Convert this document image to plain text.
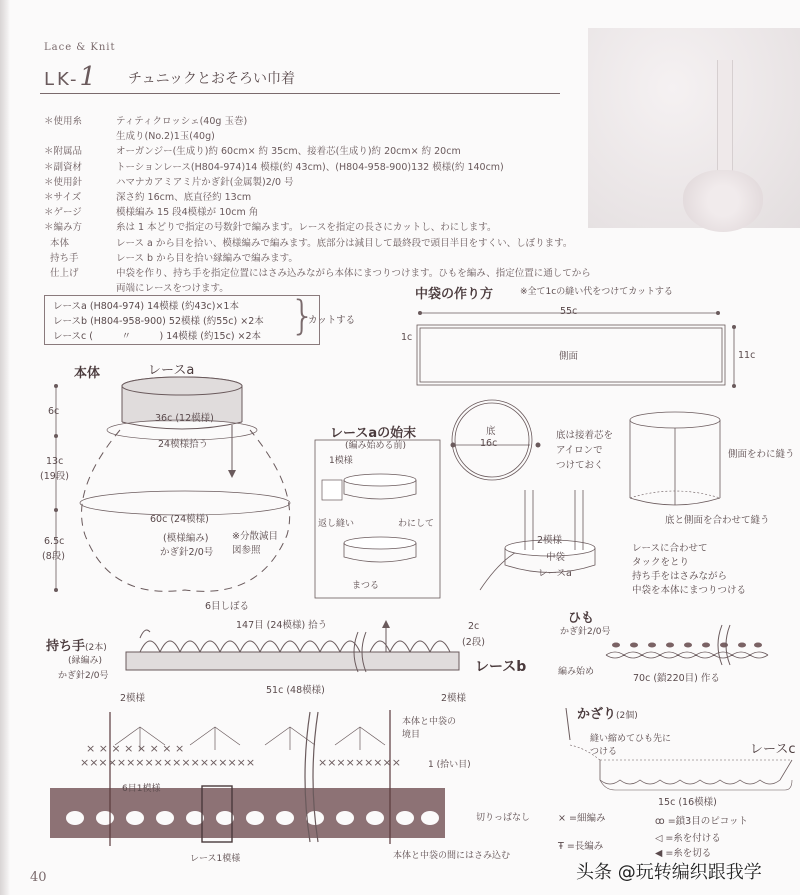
Lace & Knit
LK-1 チュニックとおそろい巾着
＊使用糸	ティティクロッシェ(40g 玉巻)
生成り(No.2)1玉(40g)
＊附属品	オーガンジー(生成り)約 60cm× 約 35cm、接着芯(生成り)約 20cm× 約 20cm
＊副資材	トーションレース(H804-974)14 模様(約 43cm)、(H804-958-900)132 模様(約 140cm)
＊使用針	ハマナカアミアミ片かぎ針(金属製)2/0 号
＊サイズ	深さ約 16cm、底直径約 13cm
＊ゲージ	模様編み 15 段4模様が 10cm 角
＊編み方	糸は 1 本どりで指定の号数針で編みます。レースを指定の長さにカットし、わにします。
本体	レース a から目を拾い、模様編みで編みます。底部分は減目して最終段で頭目半目をすくい、しぼります。
持ち手	レース b から目を拾い縁編みで編みます。
仕上げ	中袋を作り、持ち手を指定位置にはさみ込みながら本体にまつりつけます。ひもを編み、指定位置に通してから
両端にレースをつけます。
レースa (H804-974) 14模様 (約43c)×1本
レースb (H804-958-900) 52模様 (約55c) ×2本
レースc (　　　〃　　　) 14模様 (約15c) ×2本 }
カットする
中袋の作り方	※全て1cの縫い代をつけてカットする
×××××××××××××××××××	×××××××××
× × × × × × × ×
55c
1c
側面	11c
底
16c
底は接着芯を
アイロンで
つけておく
側面をわに縫う
底と側面を合わせて縫う
2模様
中袋
レースa
レースに合わせて
タックをとり
持ち手をはさみながら
中袋を本体にまつりつける
本体	レースa
36c (12模様)
24模様拾う
60c (24模様)
(模様編み)
かぎ針2/0号
※分散減目
図参照
6目しぼる
6c
13c
(19段)
6.5c
(8段)
レースaの始末
(編み始める前)
1模様
返し縫い	わにして
まつる
持ち手(2本)
(縁編み)
かぎ針2/0号
147目 (24模様) 拾う
51c (48模様)
2c
(2段)
2模様	2模様
レースb
ひも
かぎ針2/0号
編み始め
70c (鎖220目) 作る
かざり(2個)
縫い縮めてひも先に
つける	レースc
15c (16模様)
本体と中袋の
境目
1 (拾い目)
6目1模様
レース1模様
切りっぱなし
本体と中袋の間にはさみ込む
× =細編み
Ŧ =長編み
ꝏ =鎖3目のピコット
◁ =糸を付ける
◀ =糸を切る
40	头条 @玩转编织跟我学
